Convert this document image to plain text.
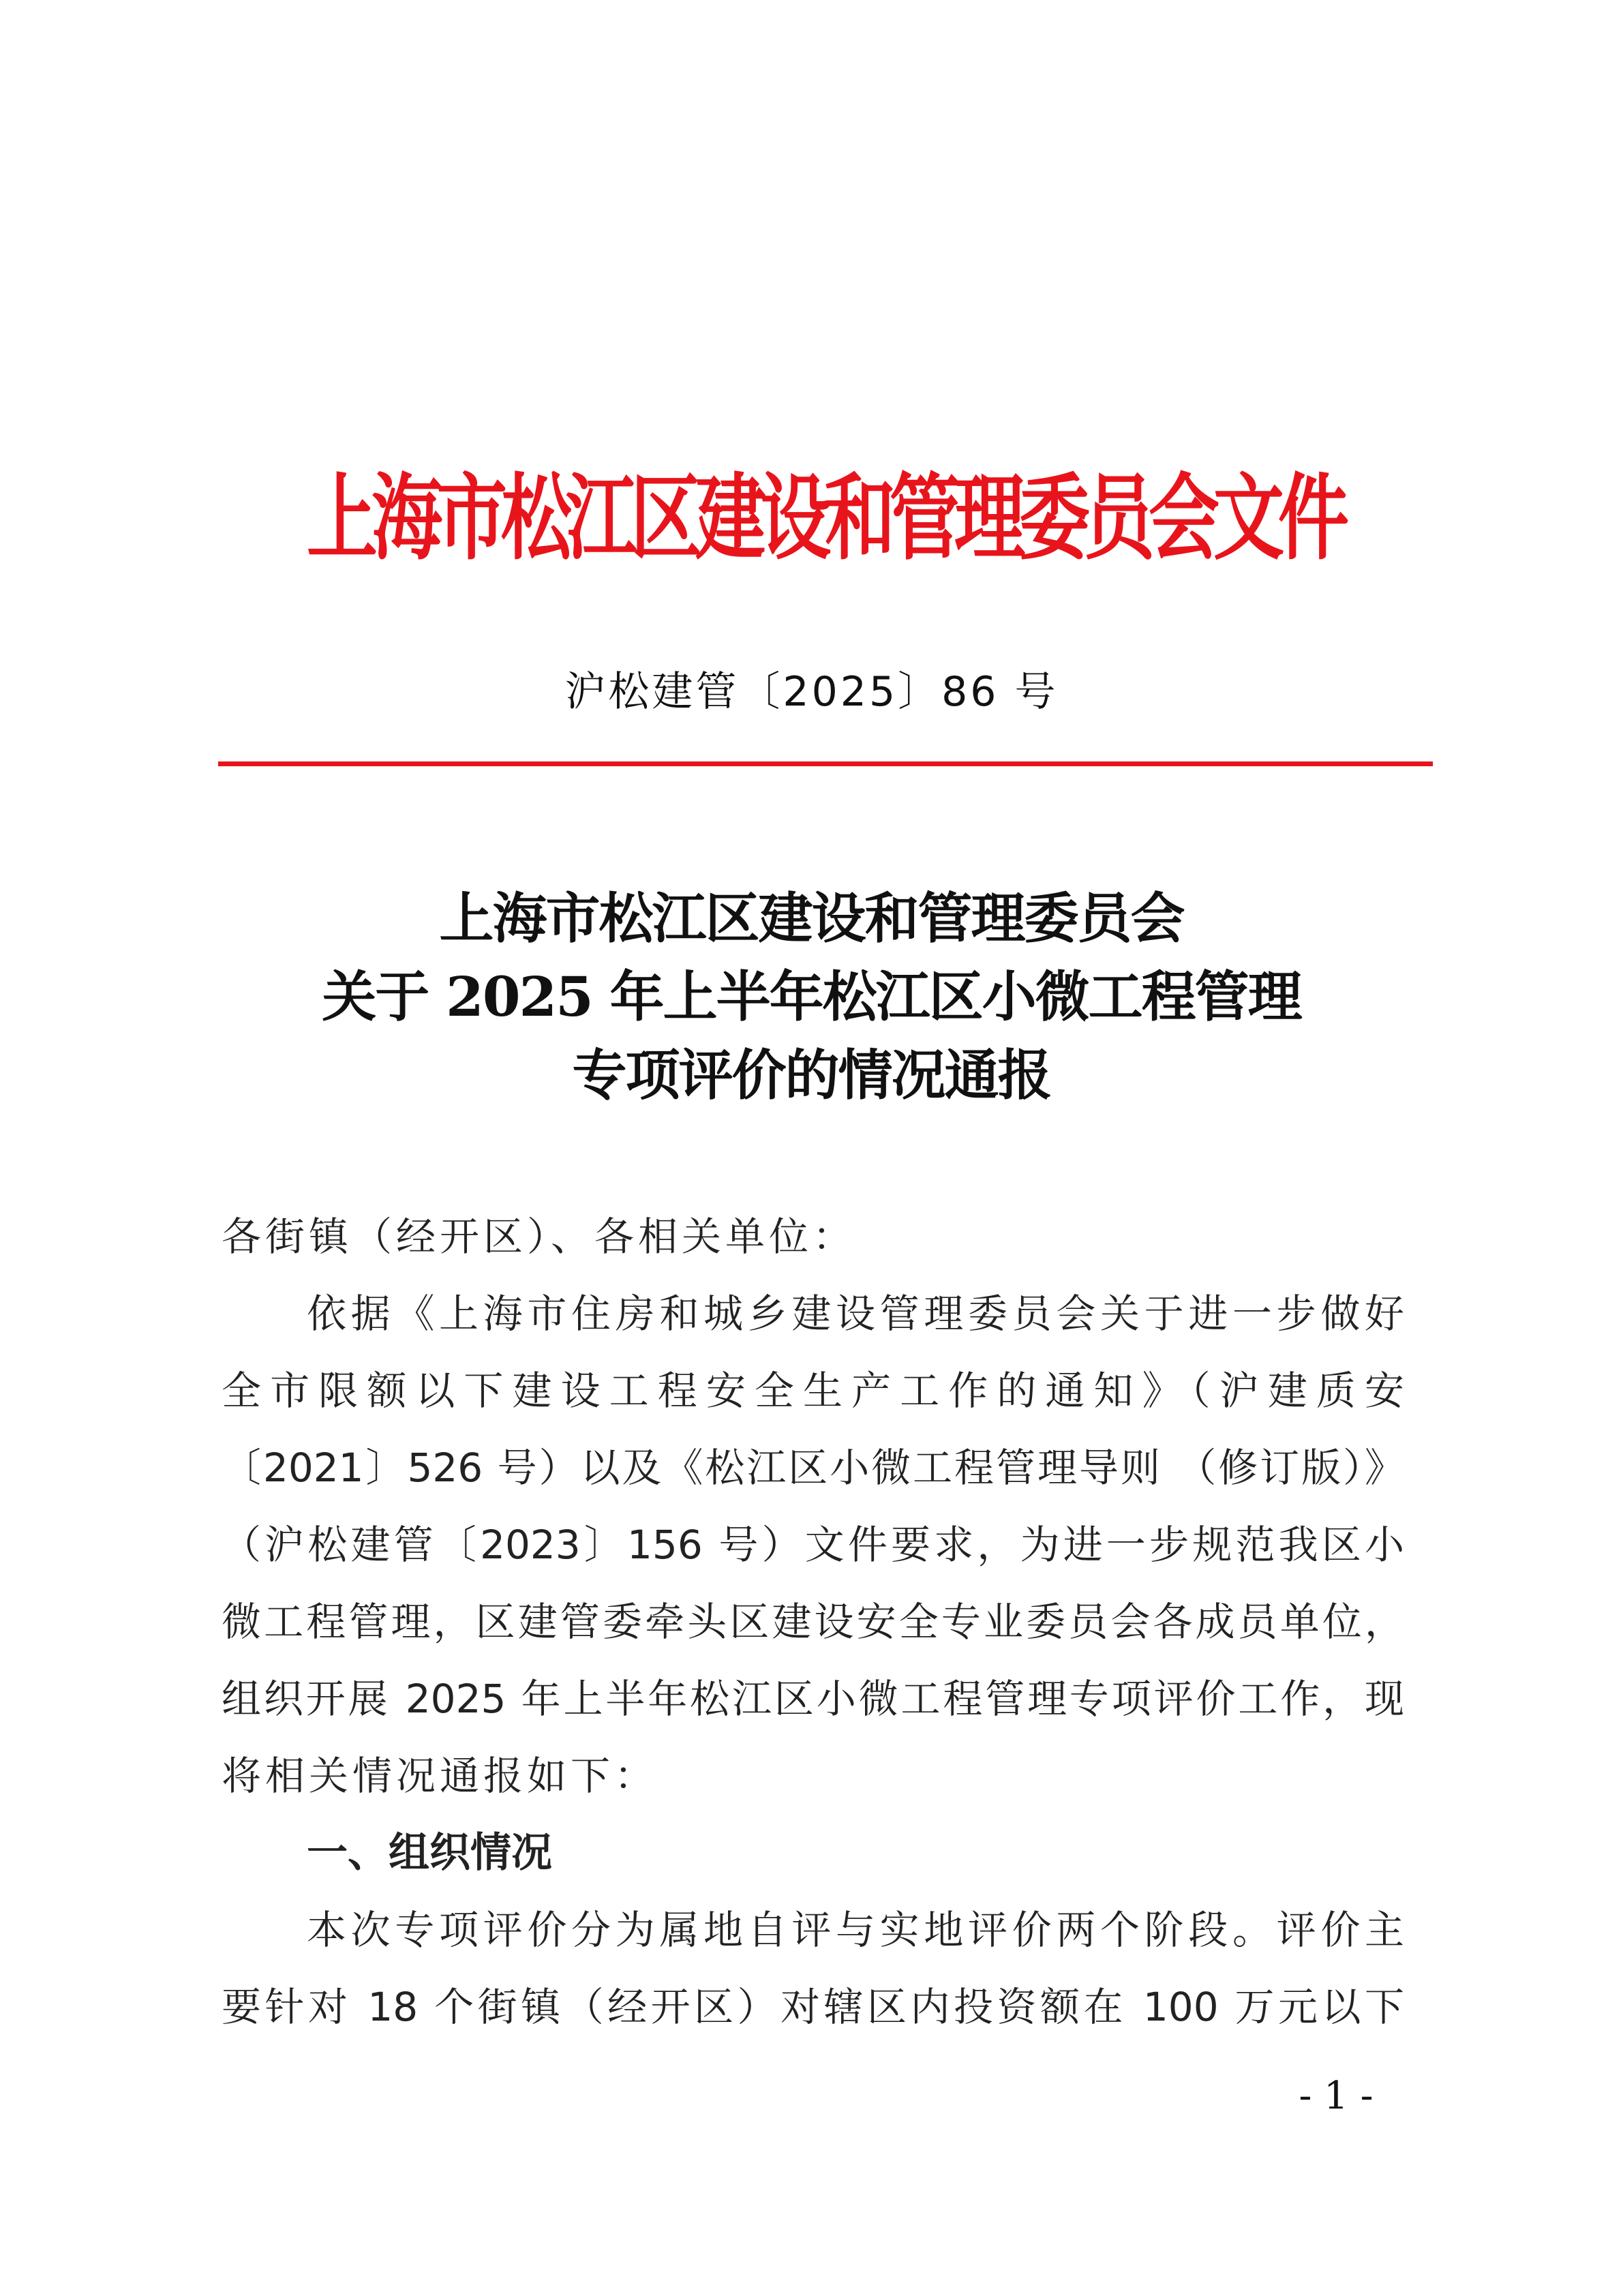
上海市松江区建设和管理委员会文件
沪松建管〔2025〕86 号
上海市松江区建设和管理委员会
关于 2025 年上半年松江区小微工程管理
专项评价的情况通报
各街镇（经开区）、各相关单位：
依据《上海市住房和城乡建设管理委员会关于进一步做好
全市限额以下建设工程安全生产工作的通知》（沪建质安
〔2021〕526 号）以及《松江区小微工程管理导则 （修订版）》
（沪松建管〔2023〕156 号）文件要求，为进一步规范我区小
微工程管理，区建管委牵头区建设安全专业委员会各成员单位，
组织开展 2025 年上半年松江区小微工程管理专项评价工作，现
将相关情况通报如下：
一、组织情况
本次专项评价分为属地自评与实地评价两个阶段。评价主
要针对 18 个街镇（经开区）对辖区内投资额在 100 万元以下
- 1 -
